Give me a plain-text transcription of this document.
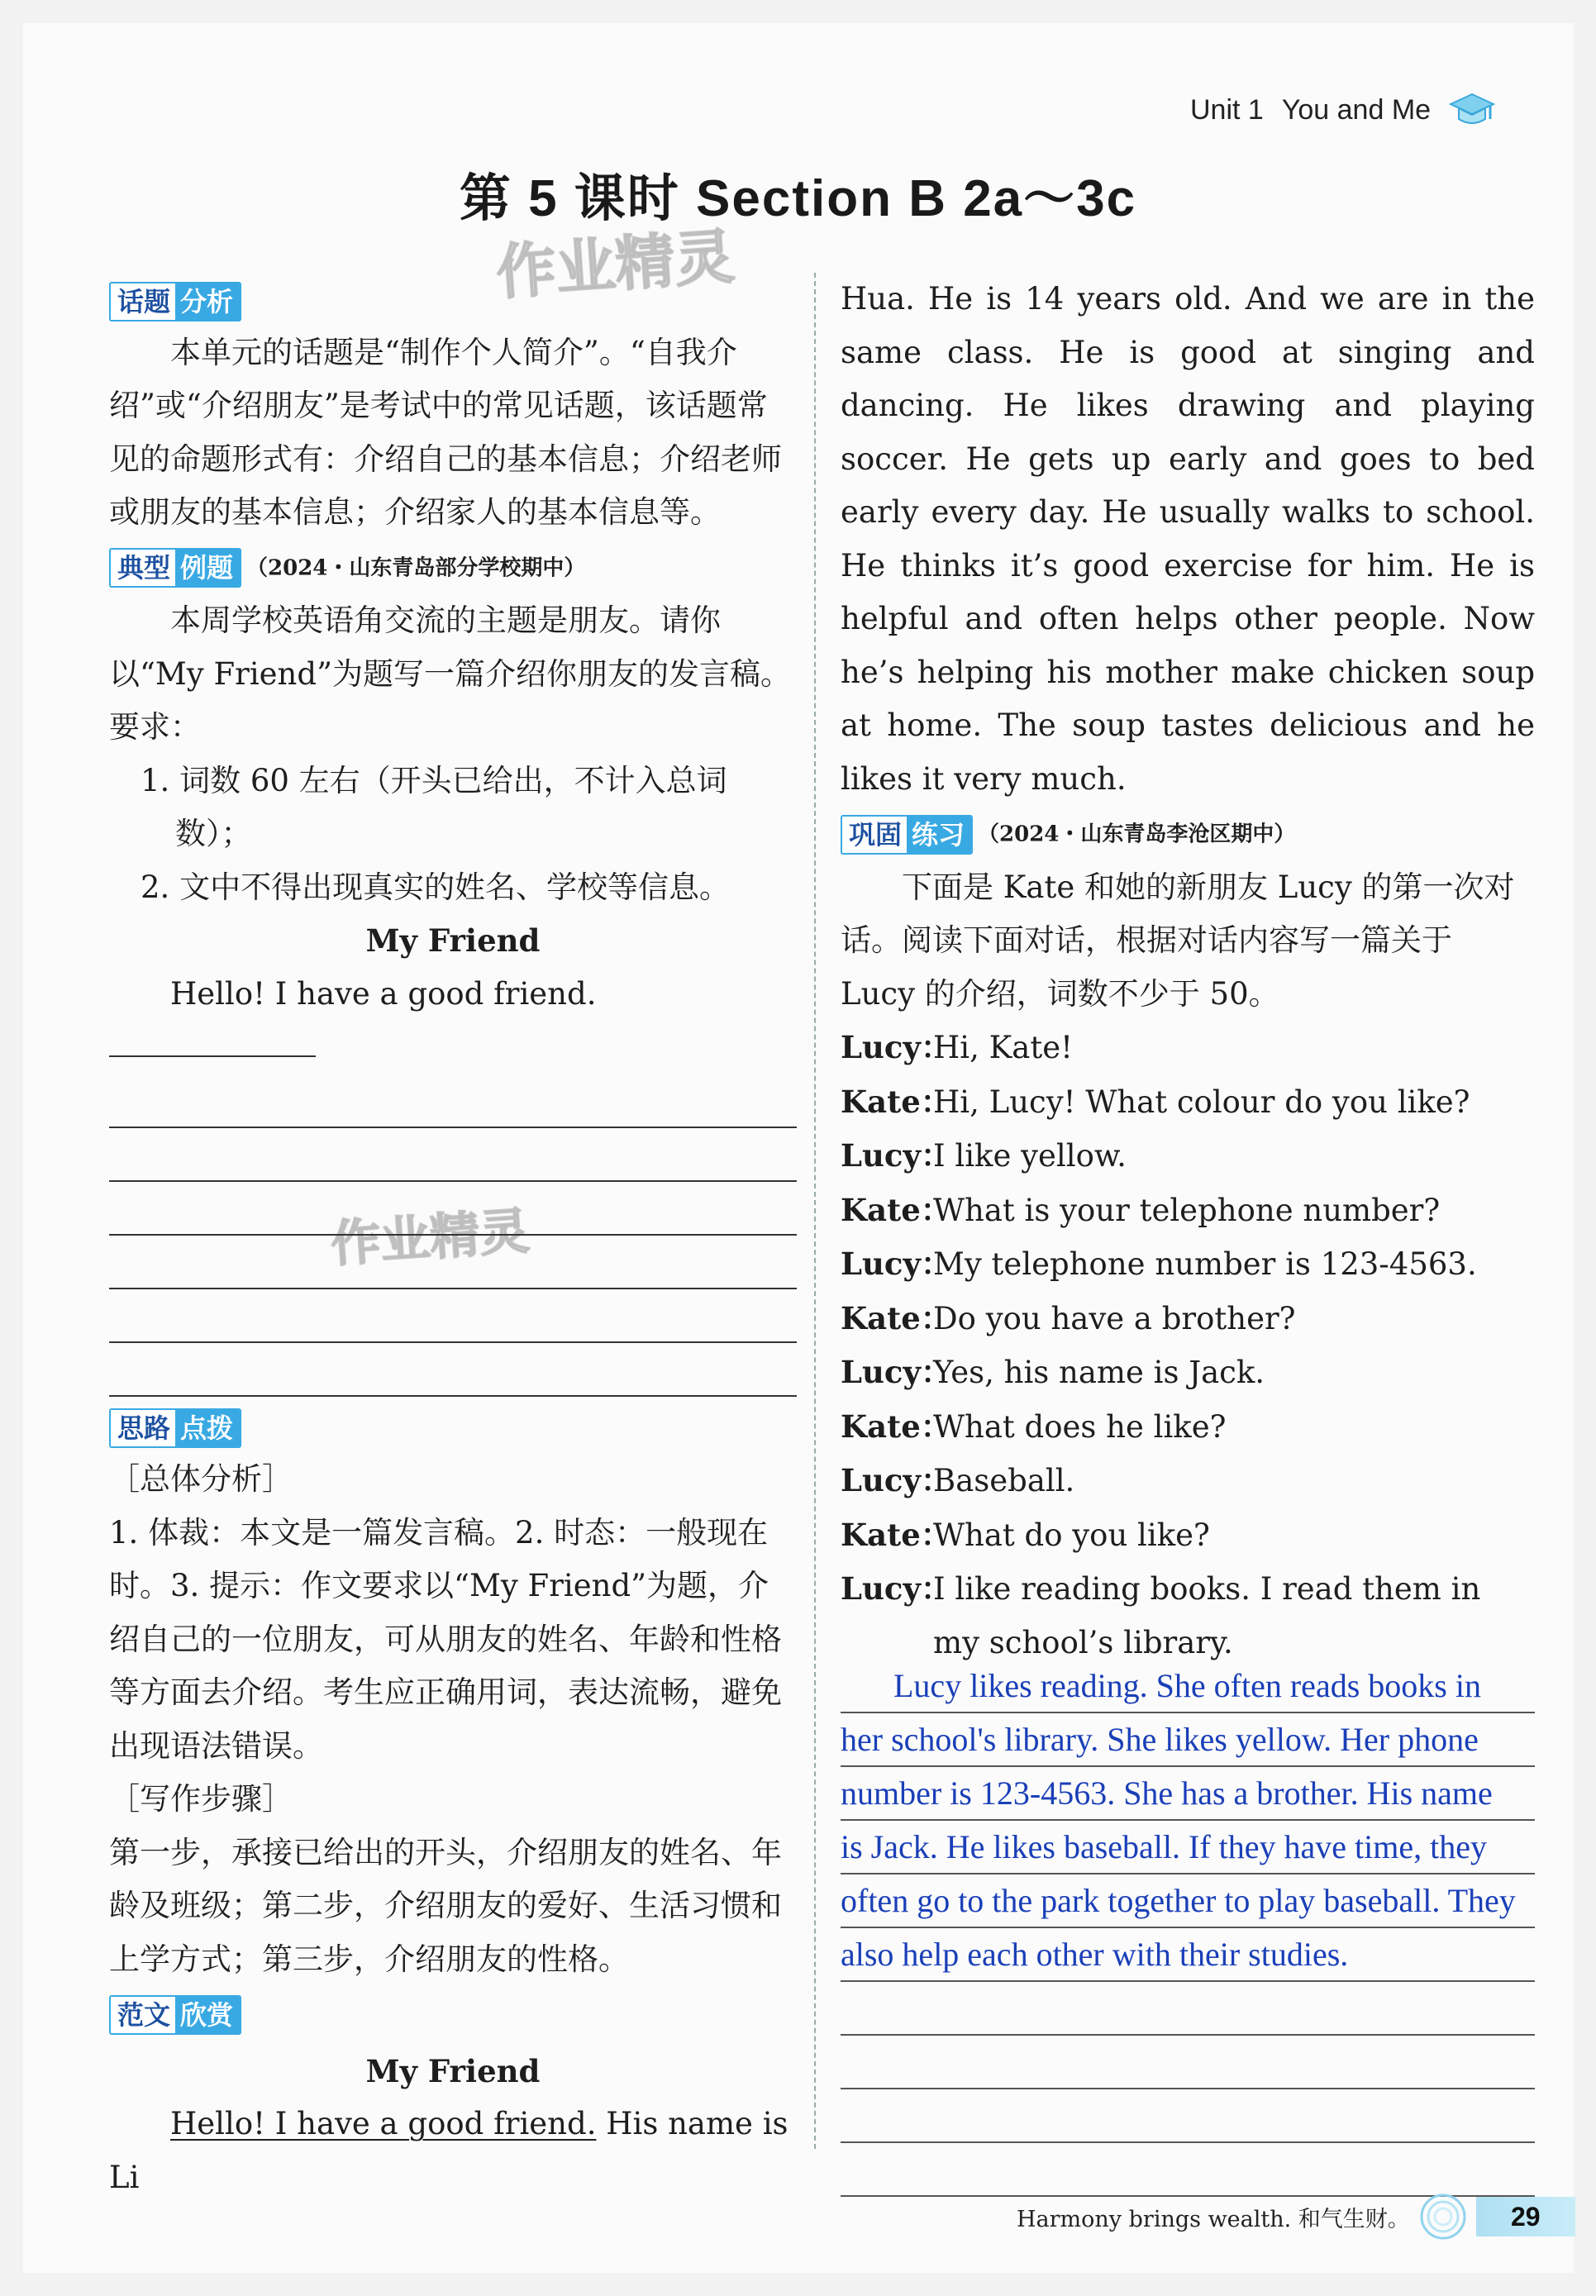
Unit 1 You and Me
第 5 课时 Section B 2a～3c
作业精灵
作业精灵
话题 分析

本单元的话题是“制作个人简介”。“自我介绍”或“介绍朋友”是考试中的常见话题，该话题常见的命题形式有：介绍自己的基本信息；介绍老师或朋友的基本信息；介绍家人的基本信息等。

典型 例题 （2024・山东青岛部分学校期中）

本周学校英语角交流的主题是朋友。请你以“My Friend”为题写一篇介绍你朋友的发言稿。

要求：

1. 词数 60 左右（开头已给出，不计入总词数）；

2. 文中不得出现真实的姓名、学校等信息。

My Friend

Hello! I have a good friend.

思路 点拨

［总体分析］

1. 体裁：本文是一篇发言稿。2. 时态：一般现在时。3. 提示：作文要求以“My Friend”为题，介绍自己的一位朋友，可从朋友的姓名、年龄和性格等方面去介绍。考生应正确用词，表达流畅，避免出现语法错误。

［写作步骤］

第一步，承接已给出的开头，介绍朋友的姓名、年龄及班级；第二步，介绍朋友的爱好、生活习惯和上学方式；第三步，介绍朋友的性格。

范文 欣赏

My Friend

Hello! I have a good friend. His name is Li

Hua. He is 14 years old. And we are in the same class. He is good at singing and dancing. He likes drawing and playing soccer. He gets up early and goes to bed early every day. He usually walks to school. He thinks it’s good exercise for him. He is helpful and often helps other people. Now he’s helping his mother make chicken soup at home. The soup tastes delicious and he likes it very much.

巩固 练习 （2024・山东青岛李沧区期中）

下面是 Kate 和她的新朋友 Lucy 的第一次对话。阅读下面对话，根据对话内容写一篇关于 Lucy 的介绍，词数不少于 50。

Lucy：Hi, Kate!

Kate：Hi, Lucy! What colour do you like?

Lucy：I like yellow.

Kate：What is your telephone number?

Lucy：My telephone number is 123-4563.

Kate：Do you have a brother?

Lucy：Yes, his name is Jack.

Kate：What does he like?

Lucy：Baseball.

Kate：What do you like?

Lucy：I like reading books. I read them in my school’s library.

Lucy likes reading. She often reads books in
her school's library. She likes yellow. Her phone
number is 123-4563. She has a brother. His name
is Jack. He likes baseball. If they have time, they
often go to the park together to play baseball. They
also help each other with their studies.
Harmony brings wealth. 和气生财。	29
